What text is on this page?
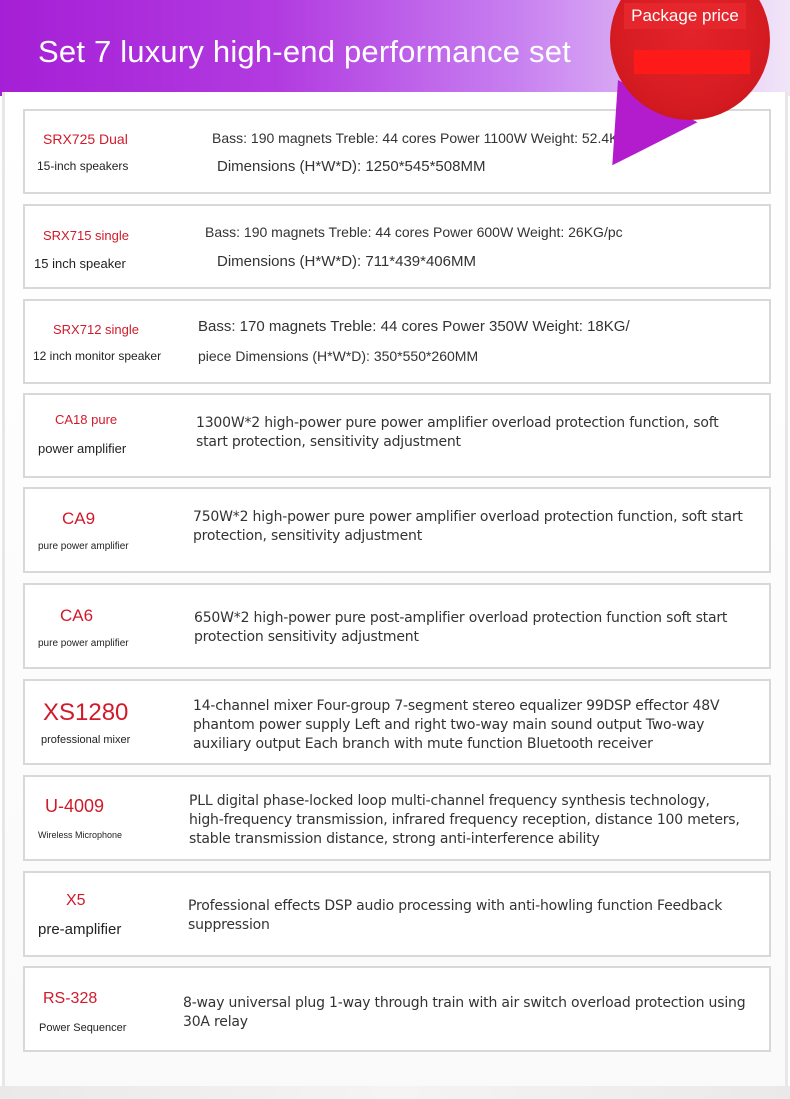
Set 7 luxury high-end performance set
SRX725 Dual
15-inch speakers
Bass: 190 magnets Treble: 44 cores Power 1100W Weight: 52.4KG/pc
Dimensions (H*W*D): 1250*545*508MM
SRX715 single
15 inch speaker
Bass: 190 magnets Treble: 44 cores Power 600W Weight: 26KG/pc
Dimensions (H*W*D): 711*439*406MM
SRX712 single
12 inch monitor speaker
Bass: 170 magnets Treble: 44 cores Power 350W Weight: 18KG/
piece Dimensions (H*W*D): 350*550*260MM
CA18 pure
power amplifier
1300W*2 high-power pure power amplifier overload protection function, soft start protection, sensitivity adjustment
CA9
pure power amplifier
750W*2 high-power pure power amplifier overload protection function, soft start protection, sensitivity adjustment
CA6
pure power amplifier
650W*2 high-power pure post-amplifier overload protection function soft start protection sensitivity adjustment
XS1280
professional mixer
14-channel mixer Four-group 7-segment stereo equalizer 99DSP effector 48V phantom power supply Left and right two-way main sound output Two-way auxiliary output Each branch with mute function Bluetooth receiver
U-4009
Wireless Microphone
PLL digital phase-locked loop multi-channel frequency synthesis technology, high-frequency transmission, infrared frequency reception, distance 100 meters, stable transmission distance, strong anti-interference ability
X5
pre-amplifier
Professional effects DSP audio processing with anti-howling function Feedback suppression
RS-328
Power Sequencer
8-way universal plug 1-way through train with air switch overload protection using 30A relay
Package price
